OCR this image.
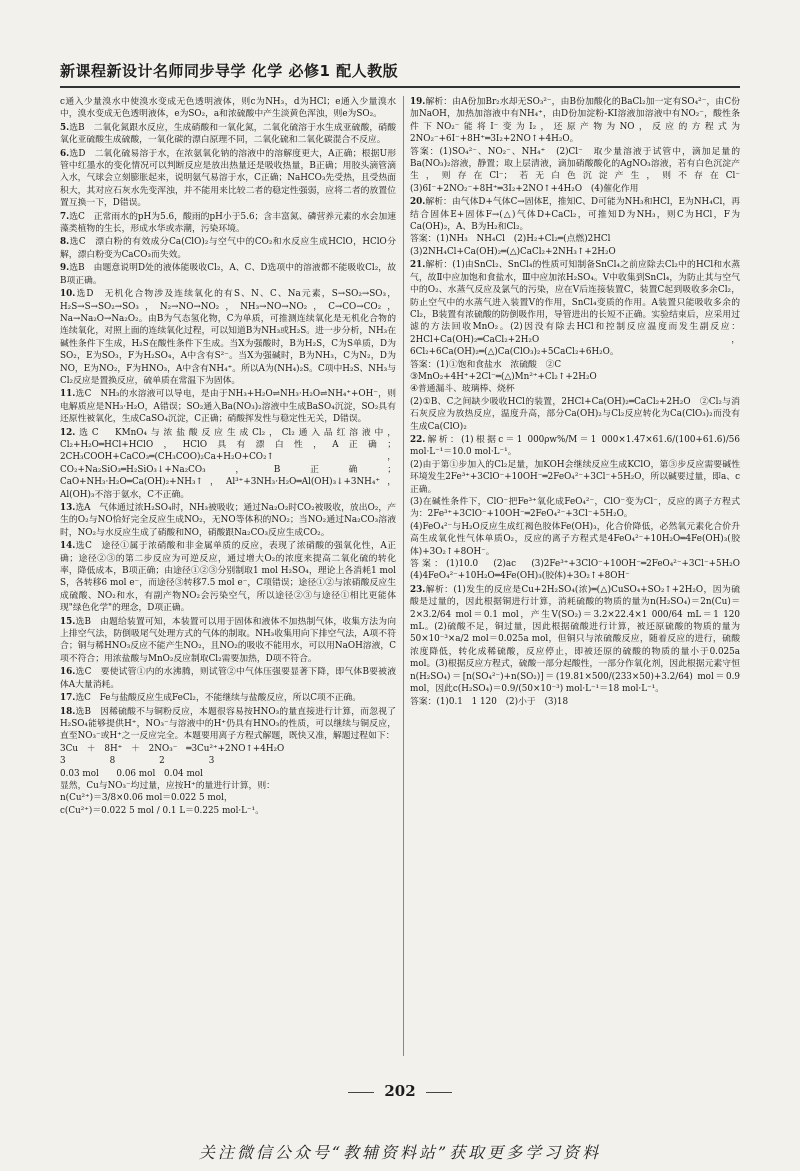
新课程新设计名师同步导学 化学 必修1 配人教版
c通入少量溴水中使溴水变成无色透明液体，则c为NH₃，d为HCl；e通入少量溴水中，溴水变成无色透明液体，e为SO₂，a和浓硫酸中产生淡黄色浑浊，则e为SO₂。
5.选B　二氧化氮跟水反应，生成硝酸和一氧化氮，二氧化硫溶于水生成亚硫酸，硝酸氧化亚硫酸生成硫酸，一氧化碳的漂白原理不同，二氧化硫和二氧化碳混合不反应。
6.选D　二氧化硫易溶于水，在浓氨氧化钠的溶液中的溶解度更大，A正确；根据U形管中红墨水的变化情况可以判断反应是放出热量还是吸收热量，B正确；用胶头滴管滴入水，气球会立刻膨胀起来，说明氨气易溶于水，C正确；NaHCO₃先受热，且受热面积大，其对应石灰水先变浑浊，并不能用来比较二者的稳定性强弱，应将二者的放置位置互换一下，D错误。
7.选C　正常雨水的pH为5.6，酸雨的pH小于5.6；含丰富氮、磷营养元素的水会加速藻类植物的生长，形成水华或赤潮，污染环境。
8.选C　漂白粉的有效成分Ca(ClO)₂与空气中的CO₂和水反应生成HClO，HClO分解，漂白粉变为CaCO₃而失效。
9.选B　由题意说明D处的液体能吸收Cl₂，A、C、D选项中的溶液都不能吸收Cl₂，故B项正确。
10.选D　无机化合物涉及连续氧化的有S、N、C、Na元素，S→SO₂→SO₃，H₂S→S→SO₂→SO₃，N₂→NO→NO₂，NH₃→NO→NO₂，C→CO→CO₂，Na→Na₂O→Na₂O₂。由B为气态氢化物，C为单质，可推测连续氧化是无机化合物的连续氧化，对照上面的连续氧化过程，可以知道B为NH₃或H₂S。进一步分析，NH₃在碱性条件下生成，H₂S在酸性条件下生成。当X为强酸时，B为H₂S，C为S单质，D为SO₂，E为SO₃，F为H₂SO₄，A中含有S²⁻。当X为强碱时，B为NH₃，C为N₂，D为NO，E为NO₂，F为HNO₃，A中含有NH₄⁺。所以A为(NH₄)₂S。C项中H₂S、NH₃与Cl₂反应是置换反应，硫单质在常温下为固体。
11.选C　NH₃的水溶液可以导电，是由于NH₃+H₂O⇌NH₃·H₂O⇌NH₄⁺+OH⁻，则电解质应是NH₃·H₂O，A错误；SO₂通入Ba(NO₃)₂溶液中生成BaSO₄沉淀，SO₂具有还原性被氧化，生成CaSO₄沉淀，C正确；硝酸挥发性与稳定性无关，D错误。
12.选C　KMnO₄与浓盐酸反应生成Cl₂，Cl₂通入品红溶液中，Cl₂+H₂O═HCl+HClO，HClO具有漂白性，A正确；2CH₃COOH+CaCO₃═(CH₃COO)₂Ca+H₂O+CO₂↑，CO₂+Na₂SiO₃═H₂SiO₃↓+Na₂CO₃，B正确；CaO+NH₃·H₂O═Ca(OH)₂+NH₃↑，Al³⁺+3NH₃·H₂O═Al(OH)₃↓+3NH₄⁺，Al(OH)₃不溶于氨水，C不正确。
13.选A　气体通过浓H₂SO₄时，NH₃被吸收；通过Na₂O₂时CO₂被吸收，放出O₂，产生的O₂与NO恰好完全反应生成NO₂，无NO等体积的NO₂；当NO₂通过Na₂CO₃溶液时，NO₂与水反应生成了硝酸和NO，硝酸跟Na₂CO₃反应生成CO₂。
14.选C　途径①属于浓硝酸和非金属单质的反应，表现了浓硝酸的强氧化性，A正确；途径②③的第二步反应为可逆反应，通过增大O₂的浓度来提高二氧化硫的转化率，降低成本，B项正确；由途径①②③分别制取1 mol H₂SO₄，理论上各消耗1 mol S，各转移6 mol e⁻，而途径③转移7.5 mol e⁻，C项错误；途径①②与浓硝酸反应生成硫酸、NO₂和水，有副产物NO₂会污染空气，所以途径②③与途径①相比更能体现"绿色化学"的理念，D项正确。
15.选B　由题给装置可知，本装置可以用于固体和液体不加热制气体，收集方法为向上排空气法，防倒吸尾气处理方式的气体的制取。NH₃收集用向下排空气法，A项不符合；铜与稀HNO₃反应不能产生NO₂，且NO₂的吸收不能用水，可以用NaOH溶液，C项不符合；用浓盐酸与MnO₂反应制取Cl₂需要加热，D项不符合。
16.选C　要使试管①内的水沸腾，则试管②中气体压强要显著下降，即气体B要被液体A大量消耗。
17.选C　Fe与盐酸反应生成FeCl₂，不能继续与盐酸反应，所以C项不正确。
18.选B　因稀硫酸不与铜粉反应，本题很容易按HNO₃的量直接进行计算，而忽视了H₂SO₄能够提供H⁺，NO₃⁻与溶液中的H⁺仍具有HNO₃的性质，可以继续与铜反应，直至NO₃⁻或H⁺之一反应完全。本题要用离子方程式解题，既快又准，解题过程如下：
3Cu　＋　8H⁺　＋　2NO₃⁻　═3Cu²⁺+2NO↑+4H₂O
3　　　　　8　　　　　2　　　　　3
0.03 mol　　0.06 mol　0.04 mol
显然，Cu与NO₃⁻均过量，应按H⁺的量进行计算，则：
n(Cu²⁺)＝3/8×0.06 mol＝0.022 5 mol，
c(Cu²⁺)＝0.022 5 mol / 0.1 L＝0.225 mol·L⁻¹。
19.解析：由A份加Br₂水却无SO₃²⁻，由B份加酸化的BaCl₂加一定有SO₄²⁻，由C份加NaOH，加热加溶液中有NH₄⁺，由D份加淀粉-KI溶液加溶液中有NO₂⁻，酸性条件下NO₂⁻能将I⁻变为I₂，还原产物为NO，反应的方程式为2NO₂⁻+6I⁻+8H⁺═3I₂+2NO↑+4H₂O。
答案：(1)SO₄²⁻、NO₂⁻、NH₄⁺　(2)Cl⁻　取少量溶液于试管中，滴加足量的Ba(NO₃)₂溶液，静置；取上层清液，滴加硝酸酸化的AgNO₃溶液，若有白色沉淀产生，则存在Cl⁻；若无白色沉淀产生，则不存在Cl⁻　(3)6I⁻+2NO₂⁻+8H⁺═3I₂+2NO↑+4H₂O　(4)催化作用
20.解析：由气体D+气体C→固体E，推知C、D可能为NH₃和HCl，E为NH₄Cl，再结合固体E+固体F→(△)气体D+CaCl₂，可推知D为NH₃，则C为HCl，F为Ca(OH)₂，A、B为H₂和Cl₂。
答案：(1)NH₃　NH₄Cl　(2)H₂+Cl₂═(点燃)2HCl
(3)2NH₄Cl+Ca(OH)₂═(△)CaCl₂+2NH₃↑+2H₂O
21.解析：(1)由SnCl₂、SnCl₄的性质可知制备SnCl₄之前应除去Cl₂中的HCl和水蒸气，故Ⅱ中应加饱和食盐水，Ⅲ中应加浓H₂SO₄。Ⅴ中收集到SnCl₄，为防止其与空气中的O₂、水蒸气反应及氯气的污染，应在Ⅴ后连接装置C，装置C起到吸收多余Cl₂，防止空气中的水蒸气进入装置Ⅴ的作用，SnCl₄变质的作用。A装置只能吸收多余的Cl₂，B装置有浓硫酸的防倒吸作用，导管进出的长短不正确。实验结束后，应采用过滤的方法回收MnO₂。(2)因没有除去HCl和控制反应温度而发生副反应：2HCl+Ca(OH)₂═CaCl₂+2H₂O，6Cl₂+6Ca(OH)₂═(△)Ca(ClO₃)₂+5CaCl₂+6H₂O。
答案：(1)①饱和食盐水　浓硫酸　②C
③MnO₂+4H⁺+2Cl⁻═(△)Mn²⁺+Cl₂↑+2H₂O
④普通漏斗、玻璃棒、烧杯
(2)①B、C之间缺少吸收HCl的装置，2HCl+Ca(OH)₂═CaCl₂+2H₂O　②Cl₂与消石灰反应为放热反应，温度升高，部分Ca(OH)₂与Cl₂反应转化为Ca(ClO₃)₂而没有生成Ca(ClO)₂
22.解析：(1)根据c＝1 000ρw%/M＝1 000×1.47×61.6/(100+61.6)/56 mol·L⁻¹＝10.0 mol·L⁻¹。
(2)由于第①步加入的Cl₂足量，加KOH会继续反应生成KClO，第③步反应需要碱性环境发生2Fe³⁺+3ClO⁻+10OH⁻═2FeO₄²⁻+3Cl⁻+5H₂O，所以碱要过量，即a、c正确。
(3)在碱性条件下，ClO⁻把Fe³⁺氧化成FeO₄²⁻，ClO⁻变为Cl⁻，反应的离子方程式为：2Fe³⁺+3ClO⁻+10OH⁻═2FeO₄²⁻+3Cl⁻+5H₂O。
(4)FeO₄²⁻与H₂O反应生成红褐色胶体Fe(OH)₃，化合价降低，必然氧元素化合价升高生成氧化性气体单质O₂，反应的离子方程式是4FeO₄²⁻+10H₂O═4Fe(OH)₃(胶体)+3O₂↑+8OH⁻。
答案：(1)10.0　(2)ac　(3)2Fe³⁺+3ClO⁻+10OH⁻═2FeO₄²⁻+3Cl⁻+5H₂O　(4)4FeO₄²⁻+10H₂O═4Fe(OH)₃(胶体)+3O₂↑+8OH⁻
23.解析：(1)发生的反应是Cu+2H₂SO₄(浓)═(△)CuSO₄+SO₂↑+2H₂O，因为硫酸是过量的，因此根据铜进行计算，消耗硫酸的物质的量为n(H₂SO₄)＝2n(Cu)＝2×3.2/64 mol＝0.1 mol，产生V(SO₂)＝3.2×22.4×1 000/64 mL＝1 120 mL。(2)硫酸不足，铜过量，因此根据硫酸进行计算，被还原硫酸的物质的量为50×10⁻³×a/2 mol＝0.025a mol，但铜只与浓硫酸反应，随着反应的进行，硫酸浓度降低，转化成稀硫酸，反应停止，即被还原的硫酸的物质的量小于0.025a mol。(3)根据反应方程式，硫酸一部分起酸性，一部分作氧化剂，因此根据元素守恒n(H₂SO₄)＝[n(SO₄²⁻)+n(SO₂)]＝(19.81×500/(233×50)+3.2/64) mol＝0.9 mol，因此c(H₂SO₄)＝0.9/(50×10⁻³) mol·L⁻¹＝18 mol·L⁻¹。
答案：(1)0.1　1 120　(2)小于　(3)18
202
关注微信公众号“教辅资料站”获取更多学习资料
